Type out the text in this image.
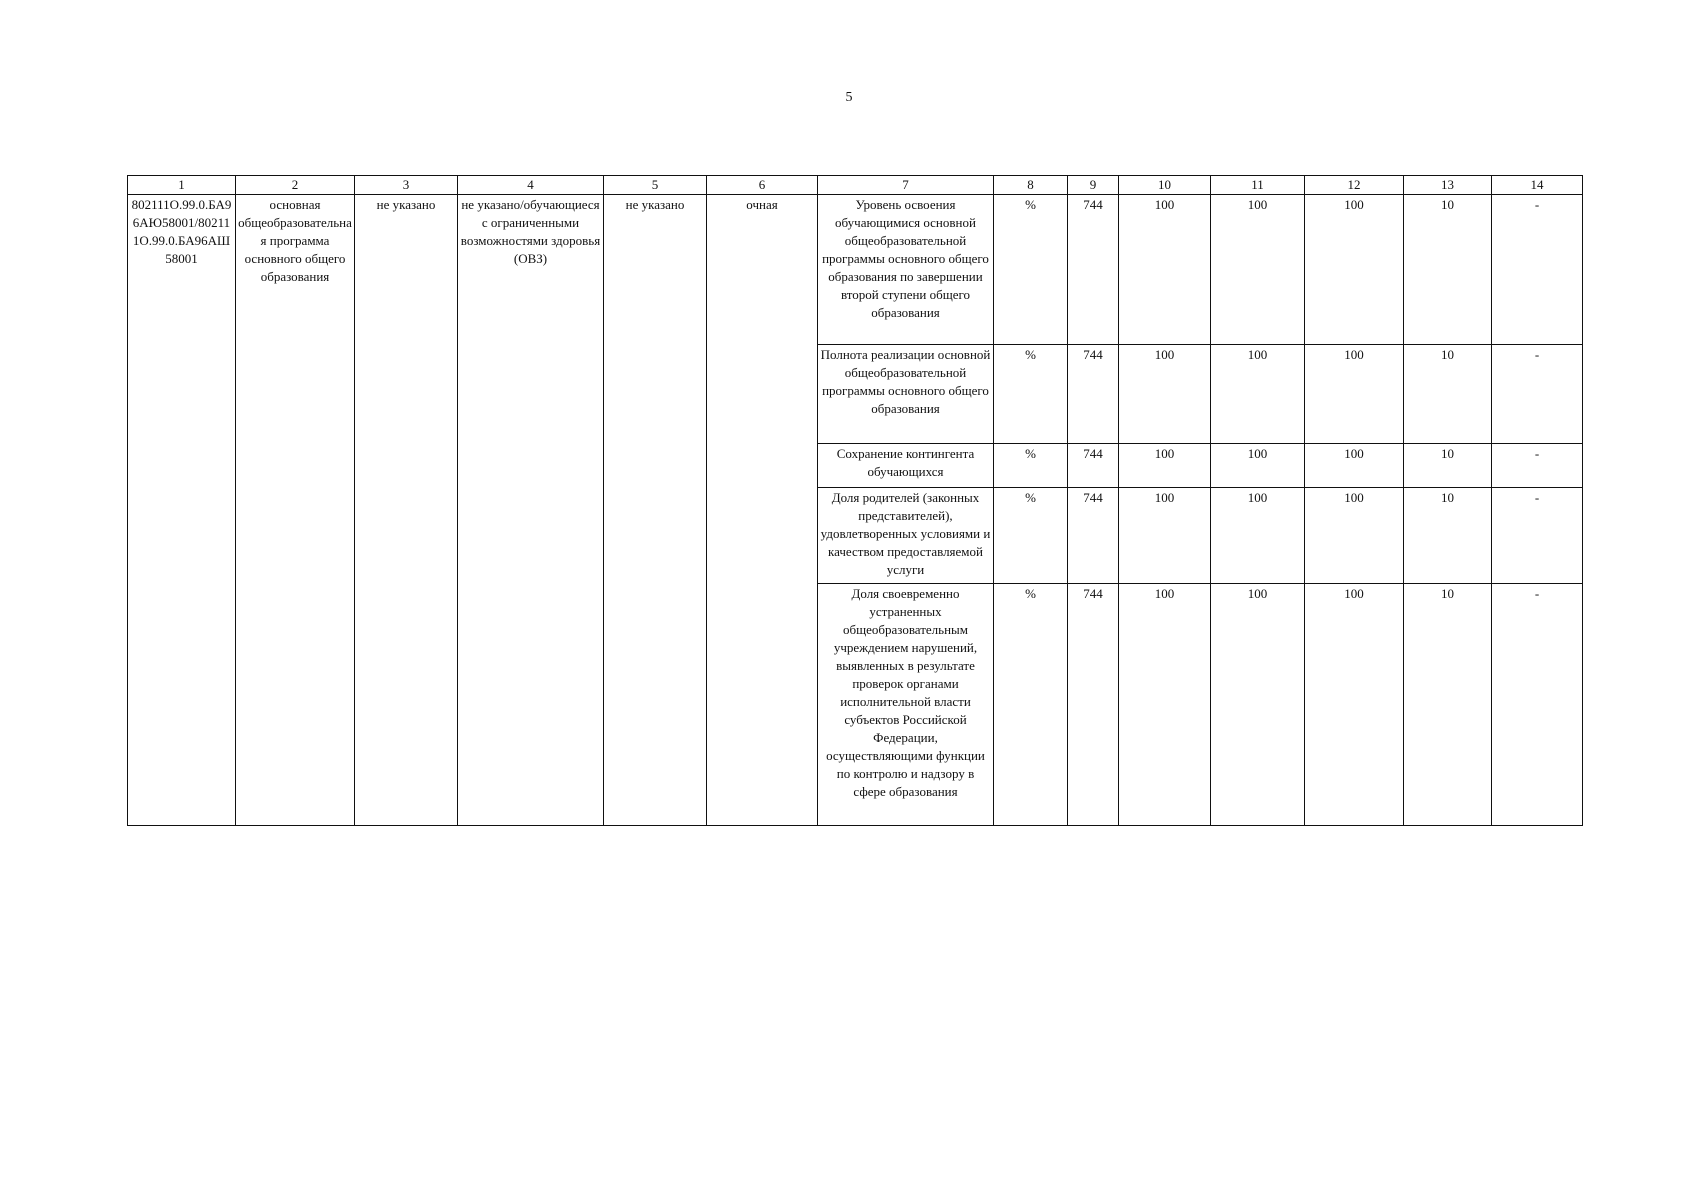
5
1	2	3	4	5	6	7	8	9	10	11	12	13	14
802111О.99.0.БА96АЮ58001/802111О.99.0.БА96АШ58001	основная общеобразовательная программа основного общего образования	не указано	не указано/обучающиеся с ограниченными возможностями здоровья (ОВЗ)	не указано	очная	Уровень освоения обучающимися основной общеобразовательной программы основного общего образования по завершении второй ступени общего образования	%	744	100	100	100	10	-
						Полнота реализации основной общеобразовательной программы основного общего образования	%	744	100	100	100	10	-
						Сохранение контингента обучающихся	%	744	100	100	100	10	-
						Доля родителей (законных представителей), удовлетворенных условиями и качеством предоставляемой услуги	%	744	100	100	100	10	-
						Доля своевременно устраненных общеобразовательным учреждением нарушений, выявленных в результате проверок органами исполнительной власти субъектов Российской Федерации, осуществляющими функции по контролю и надзору в сфере образования	%	744	100	100	100	10	-
